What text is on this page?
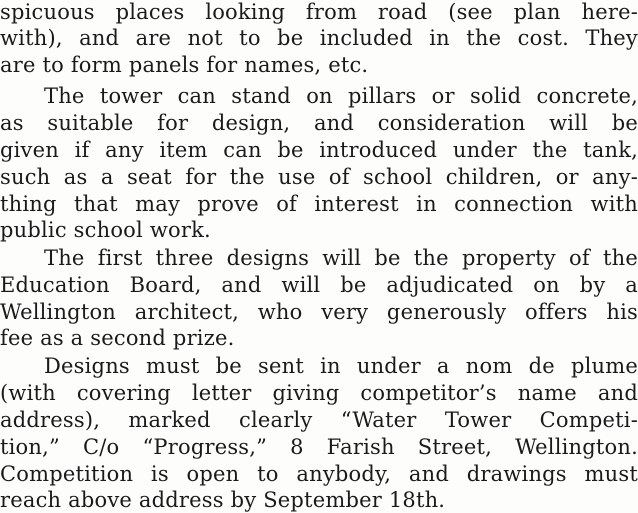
spicuous places looking from road (see plan here-
with), and are not to be included in the cost. They
are to form panels for names, etc.
The tower can stand on pillars or solid concrete,
as suitable for design, and consideration will be
given if any item can be introduced under the tank,
such as a seat for the use of school children, or any-
thing that may prove of interest in connection with
public school work.
The first three designs will be the property of the
Education Board, and will be adjudicated on by a
Wellington architect, who very generously offers his
fee as a second prize.
Designs must be sent in under a nom de plume
(with covering letter giving competitor’s name and
address), marked clearly “Water Tower Competi-
tion,” C/o “Progress,” 8 Farish Street, Wellington.
Competition is open to anybody, and drawings must
reach above address by September 18th.
